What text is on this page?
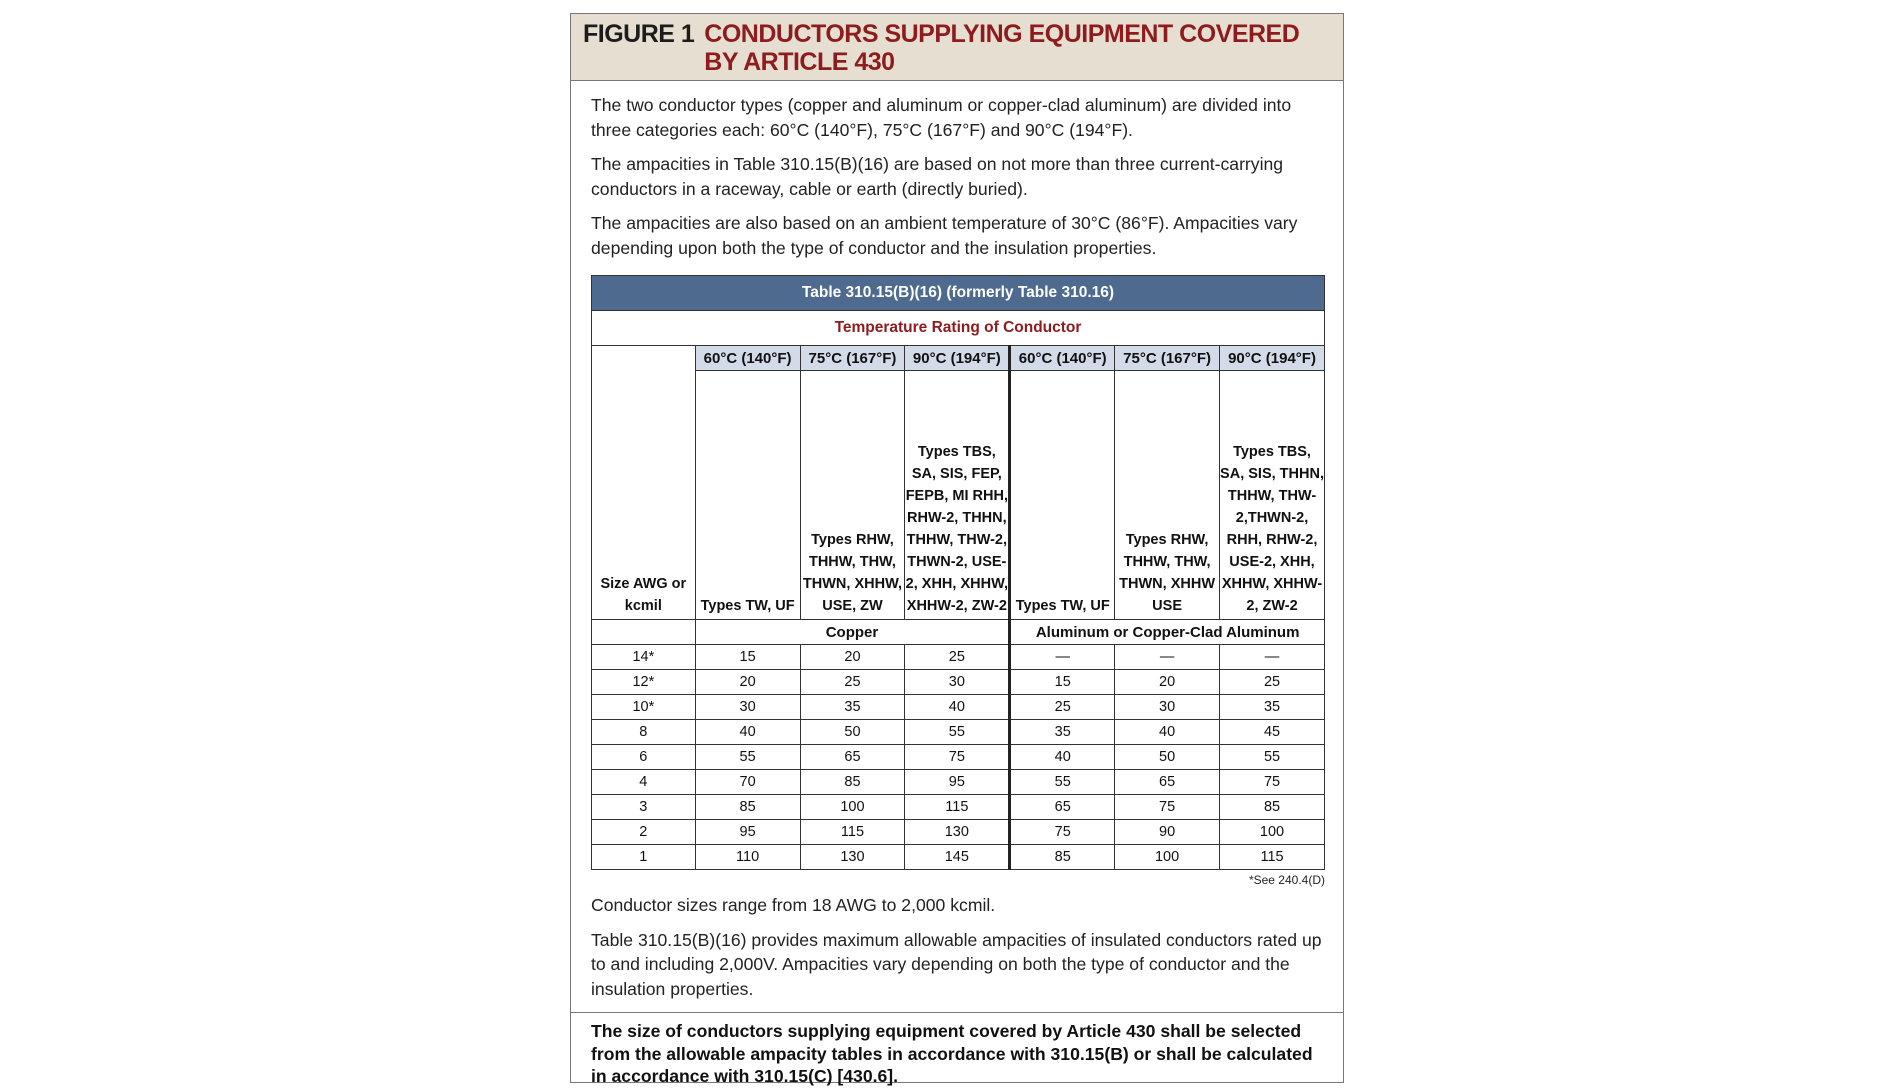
FIGURE 1 CONDUCTORS SUPPLYING EQUIPMENT COVERED BY ARTICLE 430

The two conductor types (copper and aluminum or copper-clad aluminum) are divided into three categories each: 60°C (140°F), 75°C (167°F) and 90°C (194°F).

The ampacities in Table 310.15(B)(16) are based on not more than three current-carrying conductors in a raceway, cable or earth (directly buried).

The ampacities are also based on an ambient temperature of 30°C (86°F). Ampacities vary depending upon both the type of conductor and the insulation properties.

Table 310.15(B)(16) (formerly Table 310.16)						
Temperature Rating of Conductor						
Size AWG or kcmil	60°C (140°F)	75°C (167°F)	90°C (194°F)	60°C (140°F)	75°C (167°F)	90°C (194°F)
	Types TW, UF	Types RHW, THHW, THW, THWN, XHHW, USE, ZW	Types TBS, SA, SIS, FEP, FEPB, MI RHH, RHW-2, THHN, THHW, THW-2, THWN-2, USE-2, XHH, XHHW, XHHW-2, ZW-2	Types TW, UF	Types RHW, THHW, THW, THWN, XHHW USE	Types TBS, SA, SIS, THHN, THHW, THW-2,THWN-2, RHH, RHW-2, USE-2, XHH, XHHW, XHHW-2, ZW-2
	Copper			Aluminum or Copper-Clad Aluminum		
14*	15	20	25	—	—	—
12*	20	25	30	15	20	25
10*	30	35	40	25	30	35
8	40	50	55	35	40	45
6	55	65	75	40	50	55
4	70	85	95	55	65	75
3	85	100	115	65	75	85
2	95	115	130	75	90	100
1	110	130	145	85	100	115
*See 240.4(D)

Conductor sizes range from 18 AWG to 2,000 kcmil.

Table 310.15(B)(16) provides maximum allowable ampacities of insulated conductors rated up to and including 2,000V. Ampacities vary depending on both the type of conductor and the insulation properties.

The size of conductors supplying equipment covered by Article 430 shall be selected from the allowable ampacity tables in accordance with 310.15(B) or shall be calculated in accordance with 310.15(C) [430.6].
